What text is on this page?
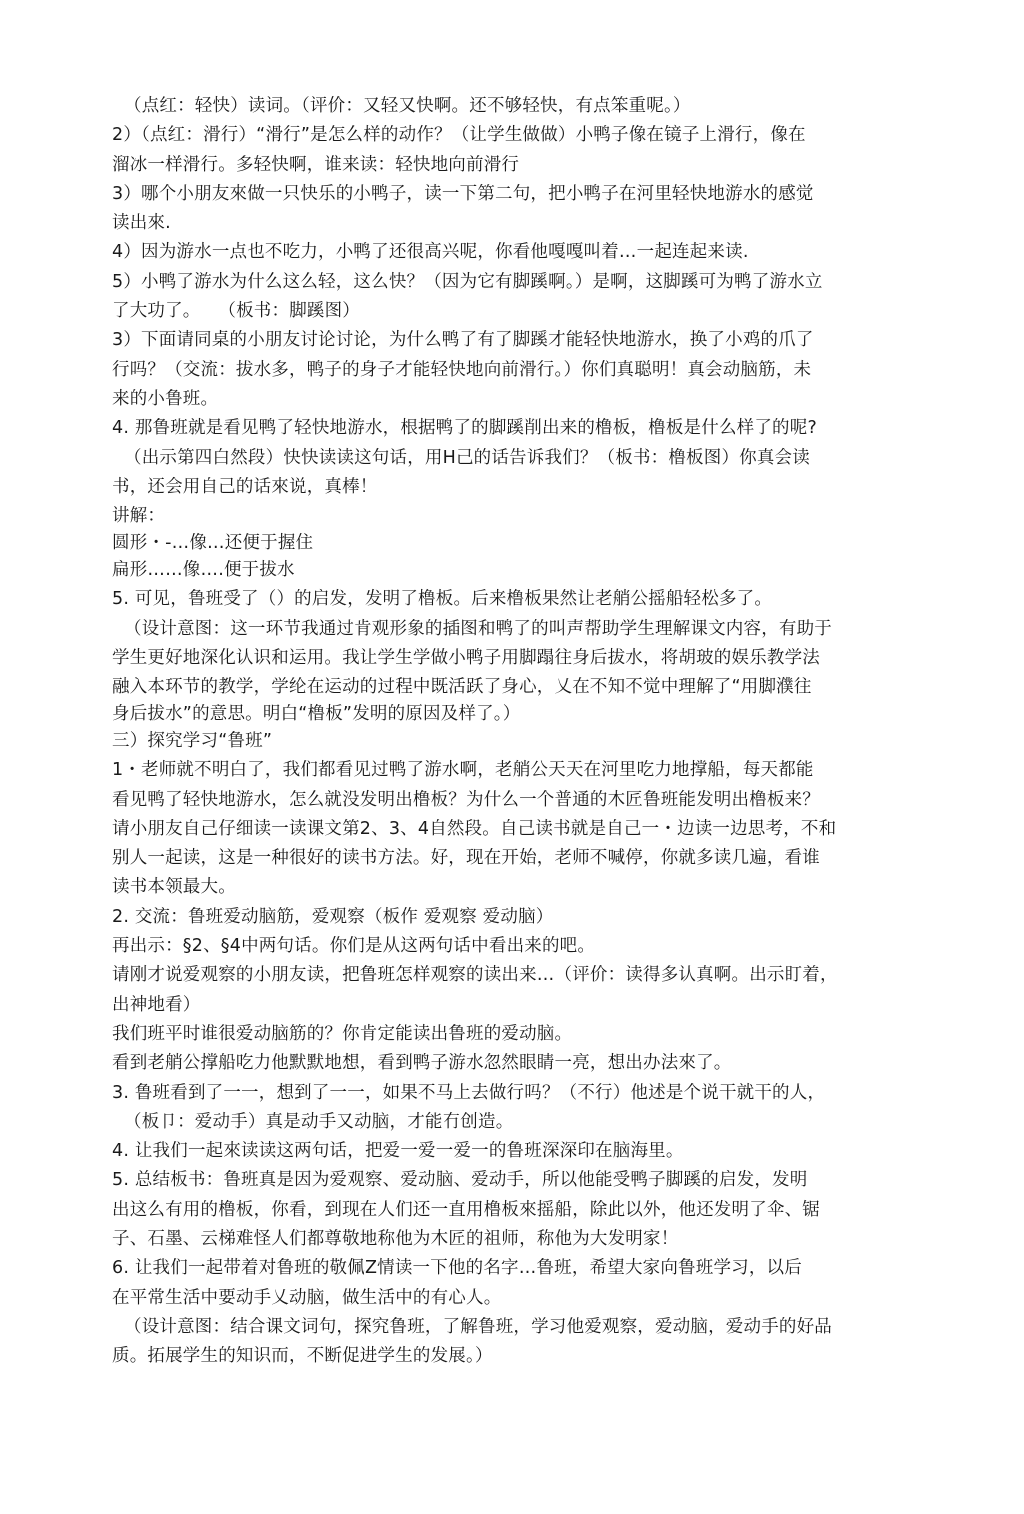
（点红：轻快）读词。（评价：又轻又快啊。还不够轻快，有点笨重呢。）
2）（点红：滑行）“滑行”是怎么样的动作？（让学生做做）小鸭子像在镜子上滑行，像在
溜冰一样滑行。多轻快啊，谁来读：轻快地向前滑行
3）哪个小朋友來做一只快乐的小鸭子，读一下第二句，把小鸭子在河里轻快地游水的感觉
读出來.
4）因为游水一点也不吃力，小鸭了还很高兴呢，你看他嘎嘎叫着…一起连起来读.
5）小鸭了游水为什么这么轻，这么快？（因为它有脚蹊啊。）是啊，这脚蹊可为鸭了游水立
了大功了。　　（板书：脚蹊图）
3）下面请同桌的小朋友讨论讨论，为什么鸭了有了脚蹊才能轻快地游水，换了小鸡的爪了
行吗？（交流：拔水多，鸭子的身子才能轻快地向前滑行。）你们真聪明！真会动脑筋，未
来的小鲁班。
4. 那鲁班就是看见鸭了轻快地游水，根据鸭了的脚蹊削出来的橹板，橹板是什么样了的呢?
（出示第四白然段）快快读读这句话，用H己的话告诉我们？（板书：橹板图）你真会读
书，还会用自己的话來说，真棒！
讲解：
圆形・-…像…还便于握住
扁形……像….便于拔水
5. 可见，鲁班受了（）的启发，发明了橹板。后来橹板果然让老艄公摇船轻松多了。
（设计意图：这一环节我通过肯观形象的插图和鸭了的叫声帮助学生理解课文内容，有助于
学生更好地深化认识和运用。我让学生学做小鸭子用脚蹋往身后拔水，将胡玻的娱乐教学法
融入本环节的教学，学纶在运动的过程中既活跃了身心，乂在不知不觉中理解了“用脚濮往
身后拔水”的意思。明白“橹板”发明的原因及样了。）
三）探究学习“鲁班”
1・老师就不明白了，我们都看见过鸭了游水啊，老艄公天天在河里吃力地撑船，每天都能
看见鸭了轻快地游水，怎么就没发明出橹板？为什么一个普通的木匠鲁班能发明出橹板来？
请小朋友自己仔细读一读课文第2、3、4自然段。自己读书就是自己一・边读一边思考，不和
别人一起读，这是一种很好的读书方法。好，现在开始，老师不喊停，你就多读几遍，看谁
读书本领最大。
2. 交流：鲁班爱动脑筋，爱观察（板作 爱观察 爱动脑）
再出示：§2、§4中两句话。你们是从这两句话中看出来的吧。
请刚才说爱观察的小朋友读，把鲁班怎样观察的读出来…（评价：读得多认真啊。出示盯着，
出神地看）
我们班平时谁很爱动脑筋的？你肯定能读出鲁班的爱动脑。
看到老艄公撑船吃力他默默地想，看到鸭子游水忽然眼睛一亮，想出办法來了。
3. 鲁班看到了一一，想到了一一，如果不马上去做行吗？（不行）他述是个说干就干的人，
（板卩：爱动手）真是动手又动脑，才能冇创造。
4. 让我们一起來读读这两句话，把爱一爱一爱一的鲁班深深印在脑海里。
5. 总结板书：鲁班真是因为爱观察、爱动脑、爱动手，所以他能受鸭子脚蹊的启发，发明
出这么有用的橹板，你看，到现在人们还一直用橹板來摇船，除此以外，他还发明了伞、锯
子、石墨、云梯难怪人们都尊敬地称他为木匠的祖师，称他为大发明家！
6. 让我们一起带着对鲁班的敬佩Z情读一下他的名字…鲁班，希望大家向鲁班学习，以后
在平常生活中要动手乂动脑，做生活中的有心人。
（设计意图：结合课文词句，探究鲁班，了解鲁班，学习他爱观察，爱动脑，爱动手的好品
质。拓展学生的知识而，不断促进学生的发展。）
